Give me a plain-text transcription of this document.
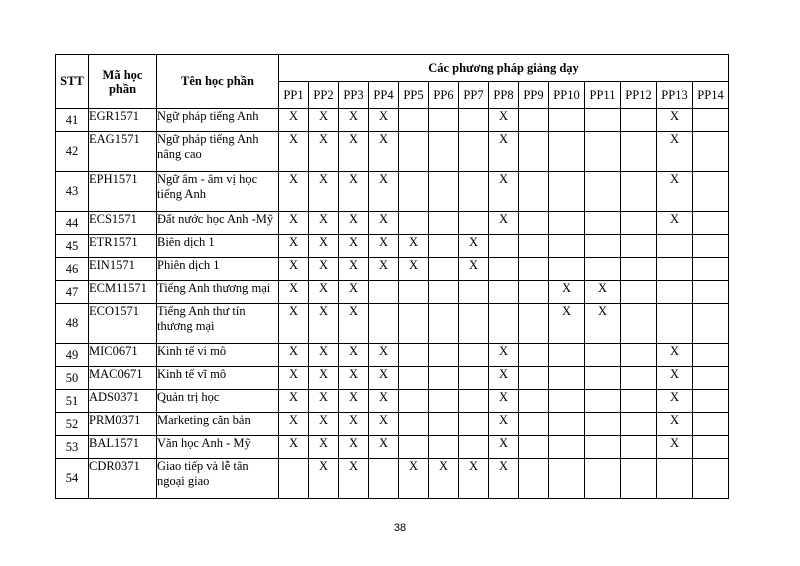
STT	Mã học phần	Tên học phần	Các phương pháp giảng dạy													
			PP1	PP2	PP3	PP4	PP5	PP6	PP7	PP8	PP9	PP10	PP11	PP12	PP13	PP14
41	EGR1571	Ngữ pháp tiếng Anh	X	X	X	X				X					X	
42	EAG1571	Ngữ pháp tiếng Anh nâng cao	X	X	X	X				X					X	
43	EPH1571	Ngữ âm - âm vị học tiếng Anh	X	X	X	X				X					X	
44	ECS1571	Đất nước học Anh -Mỹ	X	X	X	X				X					X	
45	ETR1571	Biên dịch 1	X	X	X	X	X		X							
46	EIN1571	Phiên dịch 1	X	X	X	X	X		X							
47	ECM11571	Tiếng Anh thương mại	X	X	X							X	X			
48	ECO1571	Tiếng Anh thư tín thương mại	X	X	X							X	X			
49	MIC0671	Kinh tế vi mô	X	X	X	X				X					X	
50	MAC0671	Kinh tế vĩ mô	X	X	X	X				X					X	
51	ADS0371	Quản trị học	X	X	X	X				X					X	
52	PRM0371	Marketing căn bản	X	X	X	X				X					X	
53	BAL1571	Văn học Anh - Mỹ	X	X	X	X				X					X	
54	CDR0371	Giao tiếp và lễ tân ngoại giao		X	X		X	X	X	X						
38
